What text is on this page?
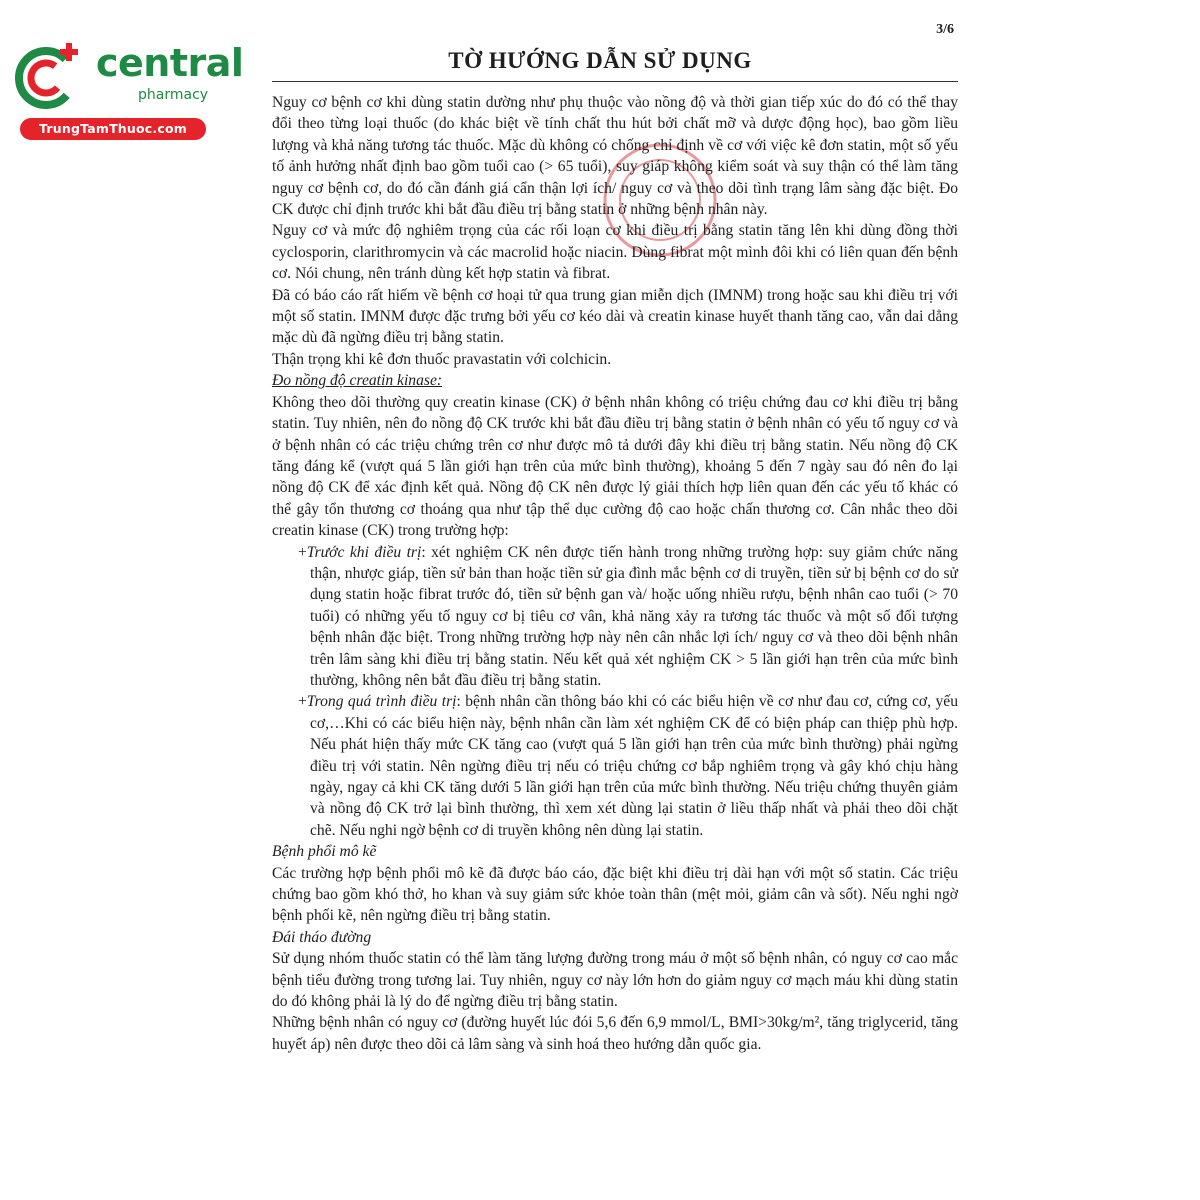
central
pharmacy
TrungTamThuoc.com
3/6
TỜ HƯỚNG DẪN SỬ DỤNG

Nguy cơ bệnh cơ khi dùng statin dường như phụ thuộc vào nồng độ và thời gian tiếp xúc do đó có thể thay đổi theo từng loại thuốc (do khác biệt về tính chất thu hút bởi chất mỡ và dược động học), bao gồm liều lượng và khả năng tương tác thuốc. Mặc dù không có chống chỉ định về cơ với việc kê đơn statin, một số yếu tố ảnh hưởng nhất định bao gồm tuổi cao (> 65 tuổi), suy giáp không kiểm soát và suy thận có thể làm tăng nguy cơ bệnh cơ, do đó cần đánh giá cẩn thận lợi ích/ nguy cơ và theo dõi tình trạng lâm sàng đặc biệt. Đo CK được chỉ định trước khi bắt đầu điều trị bằng statin ở những bệnh nhân này.

Nguy cơ và mức độ nghiêm trọng của các rối loạn cơ khi điều trị bằng statin tăng lên khi dùng đồng thời cyclosporin, clarithromycin và các macrolid hoặc niacin. Dùng fibrat một mình đôi khi có liên quan đến bệnh cơ. Nói chung, nên tránh dùng kết hợp statin và fibrat.

Đã có báo cáo rất hiếm về bệnh cơ hoại tử qua trung gian miễn dịch (IMNM) trong hoặc sau khi điều trị với một số statin. IMNM được đặc trưng bởi yếu cơ kéo dài và creatin kinase huyết thanh tăng cao, vẫn dai dẳng mặc dù đã ngừng điều trị bằng statin.

Thận trọng khi kê đơn thuốc pravastatin với colchicin.

Đo nồng độ creatin kinase:

Không theo dõi thường quy creatin kinase (CK) ở bệnh nhân không có triệu chứng đau cơ khi điều trị bằng statin. Tuy nhiên, nên đo nồng độ CK trước khi bắt đầu điều trị bằng statin ở bệnh nhân có yếu tố nguy cơ và ở bệnh nhân có các triệu chứng trên cơ như được mô tả dưới đây khi điều trị bằng statin. Nếu nồng độ CK tăng đáng kể (vượt quá 5 lần giới hạn trên của mức bình thường), khoảng 5 đến 7 ngày sau đó nên đo lại nồng độ CK để xác định kết quả. Nồng độ CK nên được lý giải thích hợp liên quan đến các yếu tố khác có thể gây tổn thương cơ thoáng qua như tập thể dục cường độ cao hoặc chấn thương cơ. Cân nhắc theo dõi creatin kinase (CK) trong trường hợp:

+Trước khi điều trị: xét nghiệm CK nên được tiến hành trong những trường hợp: suy giảm chức năng thận, nhược giáp, tiền sử bản than hoặc tiền sử gia đình mắc bệnh cơ di truyền, tiền sử bị bệnh cơ do sử dụng statin hoặc fibrat trước đó, tiền sử bệnh gan và/ hoặc uống nhiều rượu, bệnh nhân cao tuổi (> 70 tuổi) có những yếu tố nguy cơ bị tiêu cơ vân, khả năng xảy ra tương tác thuốc và một số đối tượng bệnh nhân đặc biệt. Trong những trường hợp này nên cân nhắc lợi ích/ nguy cơ và theo dõi bệnh nhân trên lâm sàng khi điều trị bằng statin. Nếu kết quả xét nghiệm CK > 5 lần giới hạn trên của mức bình thường, không nên bắt đầu điều trị bằng statin.

+Trong quá trình điều trị: bệnh nhân cần thông báo khi có các biểu hiện về cơ như đau cơ, cứng cơ, yếu cơ,…Khi có các biểu hiện này, bệnh nhân cần làm xét nghiệm CK để có biện pháp can thiệp phù hợp. Nếu phát hiện thấy mức CK tăng cao (vượt quá 5 lần giới hạn trên của mức bình thường) phải ngừng điều trị với statin. Nên ngừng điều trị nếu có triệu chứng cơ bắp nghiêm trọng và gây khó chịu hàng ngày, ngay cả khi CK tăng dưới 5 lần giới hạn trên của mức bình thường. Nếu triệu chứng thuyên giảm và nồng độ CK trở lại bình thường, thì xem xét dùng lại statin ở liều thấp nhất và phải theo dõi chặt chẽ. Nếu nghi ngờ bệnh cơ di truyền không nên dùng lại statin.

Bệnh phổi mô kẽ

Các trường hợp bệnh phổi mô kẽ đã được báo cáo, đặc biệt khi điều trị dài hạn với một số statin. Các triệu chứng bao gồm khó thở, ho khan và suy giảm sức khỏe toàn thân (mệt mỏi, giảm cân và sốt). Nếu nghi ngờ bệnh phối kẽ, nên ngừng điều trị bằng statin.

Đái tháo đường

Sử dụng nhóm thuốc statin có thể làm tăng lượng đường trong máu ở một số bệnh nhân, có nguy cơ cao mắc bệnh tiểu đường trong tương lai. Tuy nhiên, nguy cơ này lớn hơn do giảm nguy cơ mạch máu khi dùng statin do đó không phải là lý do để ngừng điều trị bằng statin.

Những bệnh nhân có nguy cơ (đường huyết lúc đói 5,6 đến 6,9 mmol/L, BMI>30kg/m², tăng triglycerid, tăng huyết áp) nên được theo dõi cả lâm sàng và sinh hoá theo hướng dẫn quốc gia.
